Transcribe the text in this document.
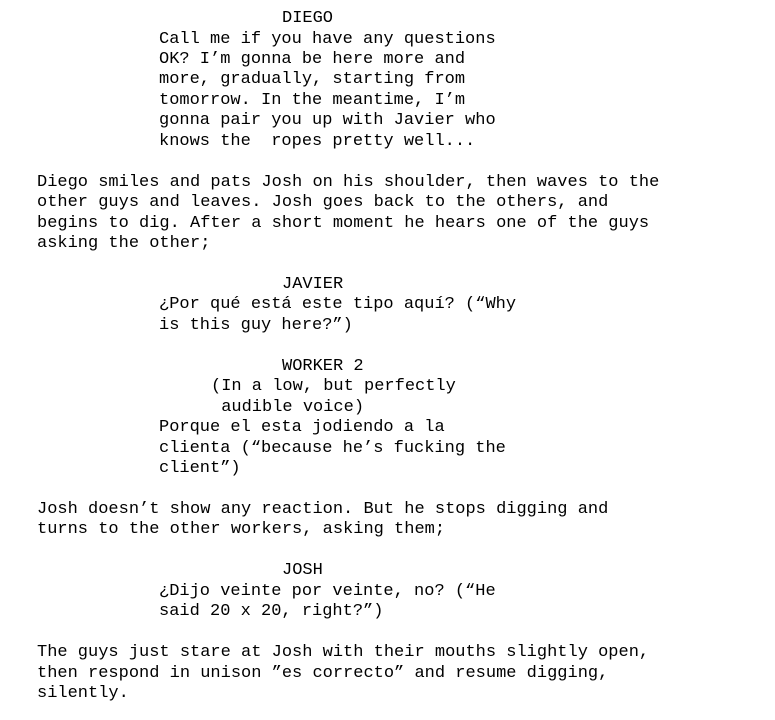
DIEGO
Call me if you have any questions
OK? I’m gonna be here more and
more, gradually, starting from
tomorrow. In the meantime, I’m
gonna pair you up with Javier who
knows the  ropes pretty well...
Diego smiles and pats Josh on his shoulder, then waves to the
other guys and leaves. Josh goes back to the others, and
begins to dig. After a short moment he hears one of the guys
asking the other;
JAVIER
¿Por qué está este tipo aquí? (“Why
is this guy here?”)
WORKER 2
(In a low, but perfectly
audible voice)
Porque el esta jodiendo a la
clienta (“because he’s fucking the
client”)
Josh doesn’t show any reaction. But he stops digging and
turns to the other workers, asking them;
JOSH
¿Dijo veinte por veinte, no? (“He
said 20 x 20, right?”)
The guys just stare at Josh with their mouths slightly open,
then respond in unison ”es correcto” and resume digging,
silently.
